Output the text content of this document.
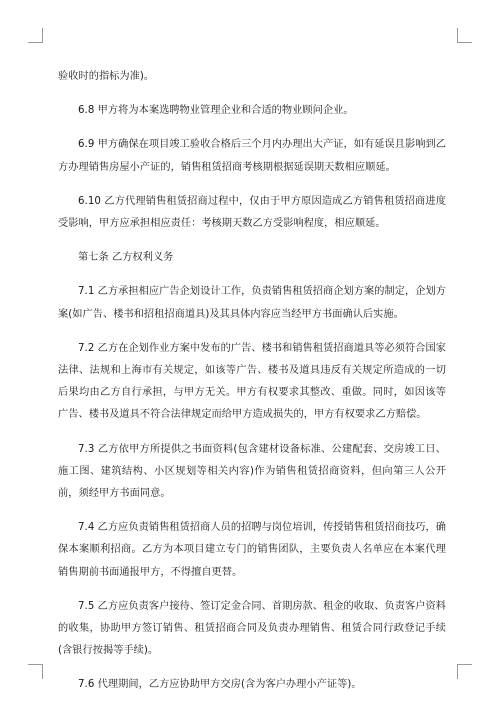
验收时的指标为准)。

6.8 甲方将为本案选聘物业管理企业和合适的物业顾问企业。

6.9 甲方确保在项目竣工验收合格后三个月内办理出大产证，如有延误且影响到乙方办理销售房屋小产证的，销售租赁招商考核期根据延误期天数相应顺延。

6.10 乙方代理销售租赁招商过程中，仅由于甲方原因造成乙方销售租赁招商进度受影响，甲方应承担相应责任：考核期天数乙方受影响程度，相应顺延。

第七条 乙方权利义务

7.1 乙方承担相应广告企划设计工作，负责销售租赁招商企划方案的制定，企划方案(如广告、楼书和招租招商道具)及其具体内容应当经甲方书面确认后实施。

7.2 乙方在企划作业方案中发布的广告、楼书和销售租赁招商道具等必须符合国家法律、法规和上海市有关规定，如该等广告、楼书及道具违反有关规定所造成的一切后果均由乙方自行承担，与甲方无关。甲方有权要求其整改、重做。同时，如因该等广告、楼书及道具不符合法律规定而给甲方造成损失的，甲方有权要求乙方赔偿。

7.3 乙方依甲方所提供之书面资料(包含建材设备标准、公建配套、交房竣工日、施工图、建筑结构、小区规划等相关内容)作为销售租赁招商资料，但向第三人公开前，须经甲方书面同意。

7.4 乙方应负责销售租赁招商人员的招聘与岗位培训，传授销售租赁招商技巧，确保本案顺利招商。乙方为本项目建立专门的销售团队，主要负责人名单应在本案代理销售期前书面通报甲方，不得擅自更替。

7.5 乙方应负责客户接待、签订定金合同、首期房款、租金的收取、负责客户资料的收集，协助甲方签订销售、租赁招商合同及负责办理销售、租赁合同行政登记手续(含银行按揭等手续)。

7.6 代理期间，乙方应协助甲方交房(含为客户办理小产证等)。
